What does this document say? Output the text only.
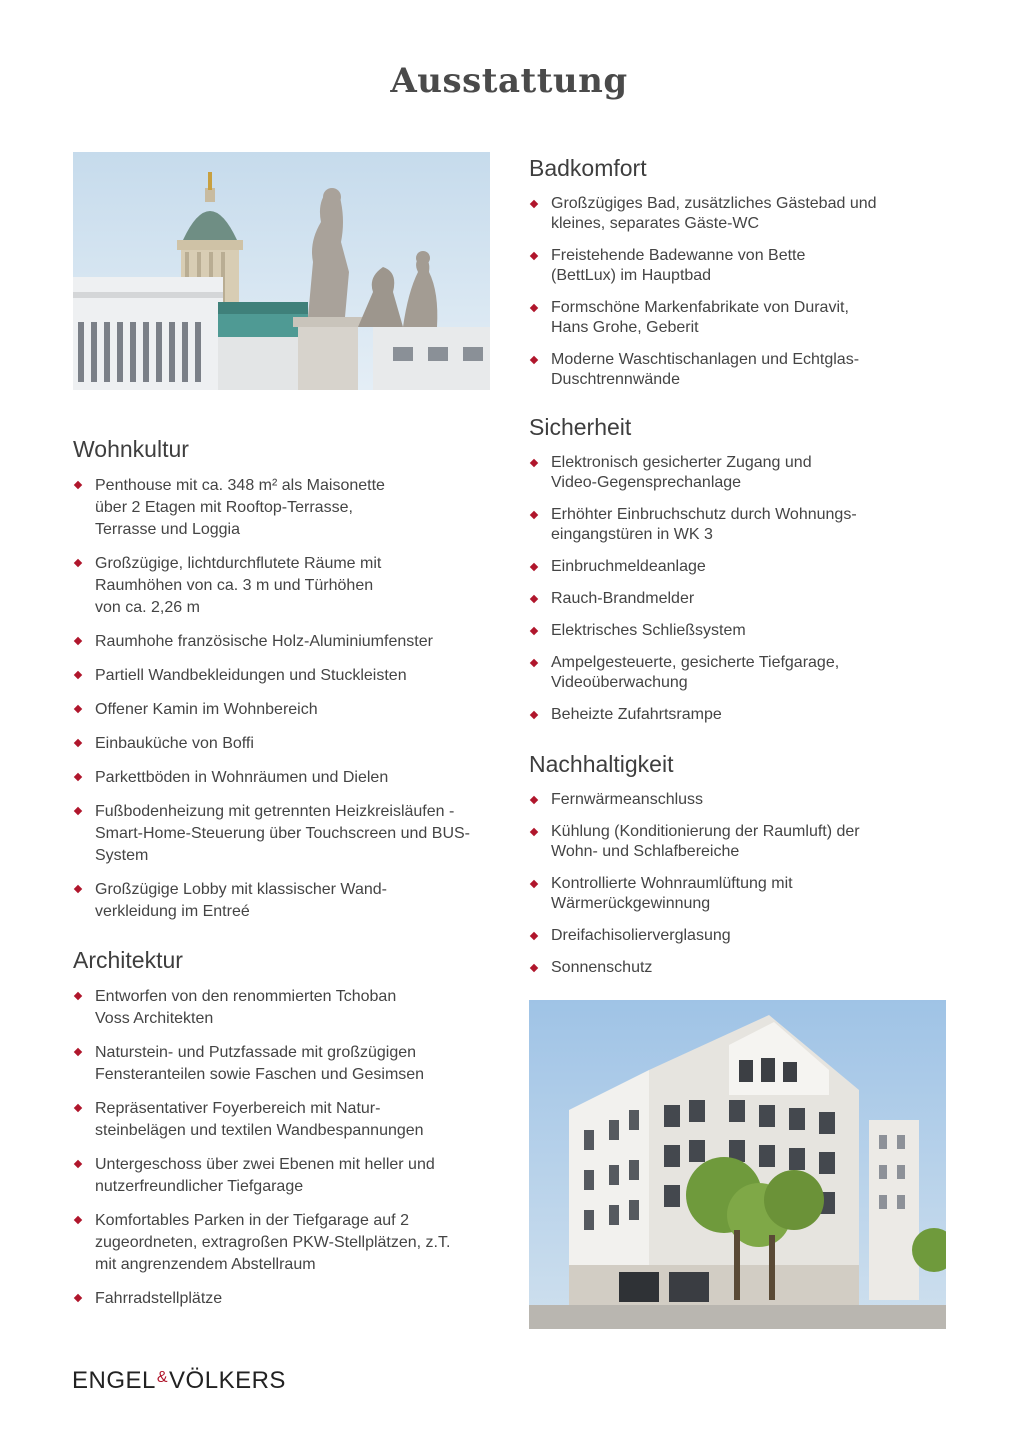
Ausstattung
Wohnkultur
Penthouse mit ca. 348 m² als Maisonette über 2 Etagen mit Rooftop-Terrasse, Terrasse und Loggia
Großzügige, lichtdurchflutete Räume mit Raumhöhen von ca. 3 m und Türhöhen von ca. 2,26 m
Raumhohe französische Holz-Aluminiumfenster
Partiell Wandbekleidungen und Stuckleisten
Offener Kamin im Wohnbereich
Einbauküche von Boffi
Parkettböden in Wohnräumen und Dielen
Fußbodenheizung mit getrennten Heizkreisläufen - Smart-Home-Steuerung über Touchscreen und BUS-System
Großzügige Lobby mit klassischer Wand-verkleidung im Entreé
Architektur
Entworfen von den renommierten Tchoban Voss Architekten
Naturstein- und Putzfassade mit großzügigen Fensteranteilen sowie Faschen und Gesimsen
Repräsentativer Foyerbereich mit Natur-steinbelägen und textilen Wandbespannungen
Untergeschoss über zwei Ebenen mit heller und nutzerfreundlicher Tiefgarage
Komfortables Parken in der Tiefgarage auf 2 zugeordneten, extragroßen PKW-Stellplätzen, z.T. mit angrenzendem Abstellraum
Fahrradstellplätze
Badkomfort
Großzügiges Bad, zusätzliches Gästebad und kleines, separates Gäste-WC
Freistehende Badewanne von Bette (BettLux) im Hauptbad
Formschöne Markenfabrikate von Duravit, Hans Grohe, Geberit
Moderne Waschtischanlagen und Echtglas-Duschtrennwände
Sicherheit
Elektronisch gesicherter Zugang und Video-Gegensprechanlage
Erhöhter Einbruchschutz durch Wohnungs-eingangstüren in WK 3
Einbruchmeldeanlage
Rauch-Brandmelder
Elektrisches Schließsystem
Ampelgesteuerte, gesicherte Tiefgarage, Videoüberwachung
Beheizte Zufahrtsrampe
Nachhaltigkeit
Fernwärmeanschluss
Kühlung (Konditionierung der Raumluft) der Wohn- und Schlafbereiche
Kontrollierte Wohnraumlüftung mit Wärmerückgewinnung
Dreifachisolierverglasung
Sonnenschutz
ENGEL&VÖLKERS
